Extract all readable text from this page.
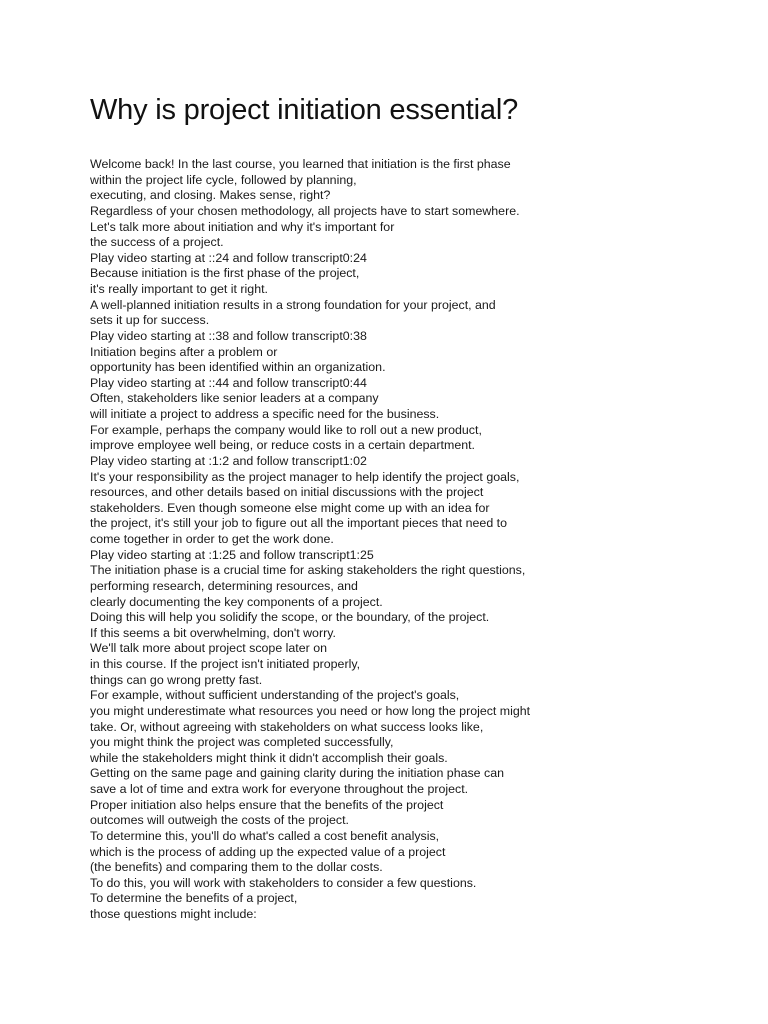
Why is project initiation essential?
Welcome back! In the last course, you learned that initiation is the first phase
within the project life cycle, followed by planning,
executing, and closing. Makes sense, right?
Regardless of your chosen methodology, all projects have to start somewhere.
Let's talk more about initiation and why it's important for
the success of a project.
Play video starting at ::24 and follow transcript0:24
Because initiation is the first phase of the project,
it's really important to get it right.
A well-planned initiation results in a strong foundation for your project, and
sets it up for success.
Play video starting at ::38 and follow transcript0:38
Initiation begins after a problem or
opportunity has been identified within an organization.
Play video starting at ::44 and follow transcript0:44
Often, stakeholders like senior leaders at a company
will initiate a project to address a specific need for the business.
For example, perhaps the company would like to roll out a new product,
improve employee well being, or reduce costs in a certain department.
Play video starting at :1:2 and follow transcript1:02
It's your responsibility as the project manager to help identify the project goals,
resources, and other details based on initial discussions with the project
stakeholders. Even though someone else might come up with an idea for
the project, it's still your job to figure out all the important pieces that need to
come together in order to get the work done.
Play video starting at :1:25 and follow transcript1:25
The initiation phase is a crucial time for asking stakeholders the right questions,
performing research, determining resources, and
clearly documenting the key components of a project.
Doing this will help you solidify the scope, or the boundary, of the project.
If this seems a bit overwhelming, don't worry.
We'll talk more about project scope later on
in this course. If the project isn't initiated properly,
things can go wrong pretty fast.
For example, without sufficient understanding of the project's goals,
you might underestimate what resources you need or how long the project might
take. Or, without agreeing with stakeholders on what success looks like,
you might think the project was completed successfully,
while the stakeholders might think it didn't accomplish their goals.
Getting on the same page and gaining clarity during the initiation phase can
save a lot of time and extra work for everyone throughout the project.
Proper initiation also helps ensure that the benefits of the project
outcomes will outweigh the costs of the project.
To determine this, you'll do what's called a cost benefit analysis,
which is the process of adding up the expected value of a project
(the benefits) and comparing them to the dollar costs.
To do this, you will work with stakeholders to consider a few questions.
To determine the benefits of a project,
those questions might include:
